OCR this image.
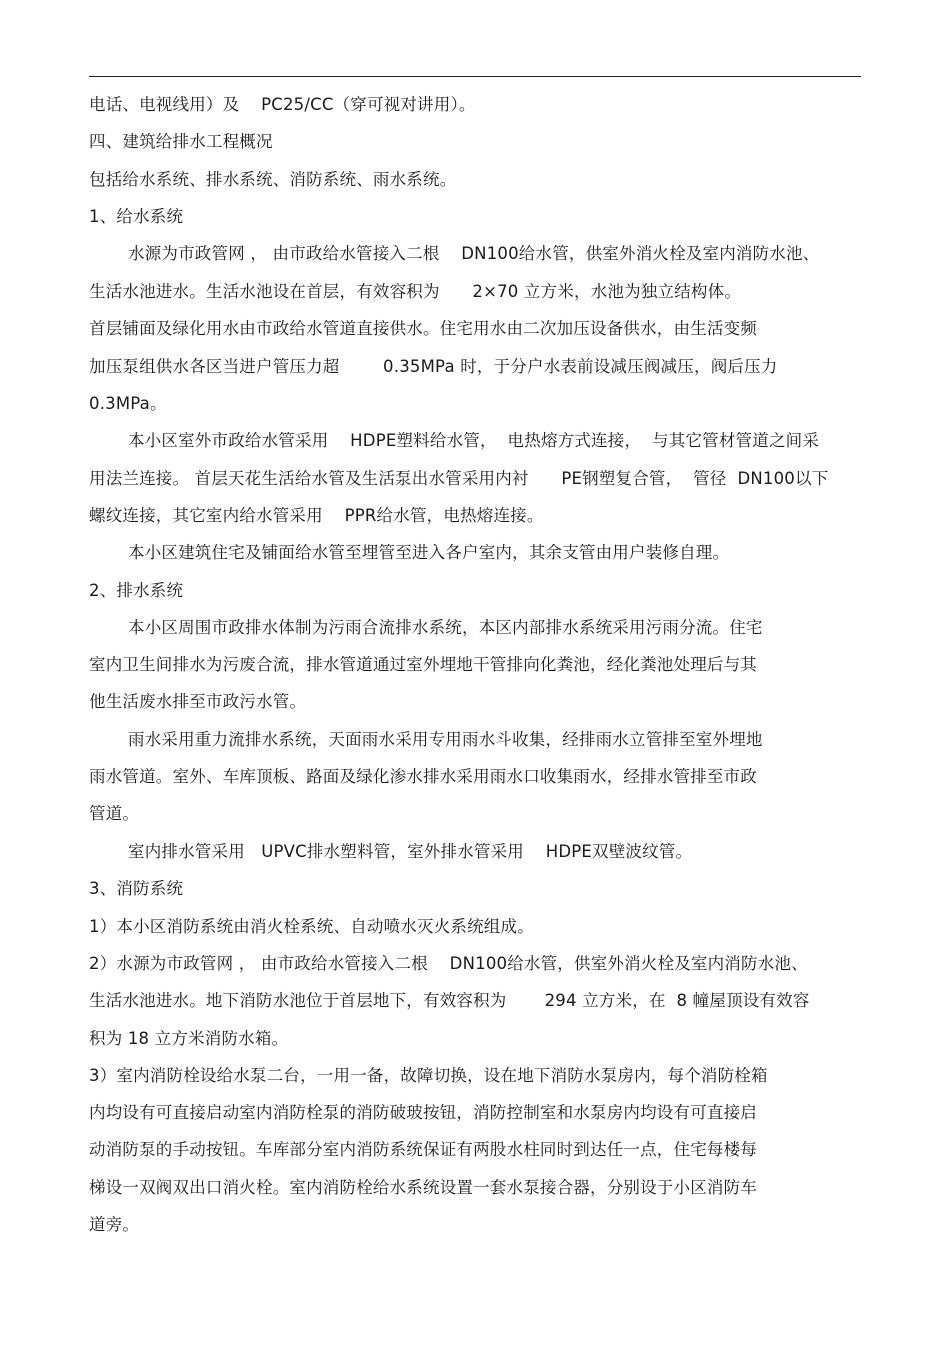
电话、电视线用）及    PC25/CC（穿可视对讲用）。
四、建筑给排水工程概况
包括给水系统、排水系统、消防系统、雨水系统。
1、给水系统
水源为市政管网 ， 由市政给水管接入二根    DN100给水管，供室外消火栓及室内消防水池、
生活水池进水。生活水池设在首层，有效容积为      2×70 立方米，水池为独立结构体。
首层铺面及绿化用水由市政给水管道直接供水。住宅用水由二次加压设备供水，由生活变频
加压泵组供水各区当进户管压力超        0.35MPa 时，于分户水表前设减压阀减压，阀后压力
0.3MPa。
本小区室外市政给水管采用    HDPE塑料给水管，  电热熔方式连接，  与其它管材管道之间采
用法兰连接。 首层天花生活给水管及生活泵出水管采用内衬      PE钢塑复合管，  管径  DN100以下
螺纹连接，其它室内给水管采用    PPR给水管，电热熔连接。
本小区建筑住宅及铺面给水管至埋管至进入各户室内，其余支管由用户装修自理。
2、排水系统
本小区周围市政排水体制为污雨合流排水系统，本区内部排水系统采用污雨分流。住宅
室内卫生间排水为污废合流，排水管道通过室外埋地干管排向化粪池，经化粪池处理后与其
他生活废水排至市政污水管。
雨水采用重力流排水系统，天面雨水采用专用雨水斗收集，经排雨水立管排至室外埋地
雨水管道。室外、车库顶板、路面及绿化渗水排水采用雨水口收集雨水，经排水管排至市政
管道。
室内排水管采用   UPVC排水塑料管，室外排水管采用    HDPE双壁波纹管。
3、消防系统
1）本小区消防系统由消火栓系统、自动喷水灭火系统组成。
2）水源为市政管网 ， 由市政给水管接入二根    DN100给水管，供室外消火栓及室内消防水池、
生活水池进水。地下消防水池位于首层地下，有效容积为       294 立方米，在  8 幢屋顶设有效容
积为 18 立方米消防水箱。
3）室内消防栓设给水泵二台，一用一备，故障切换，设在地下消防水泵房内，每个消防栓箱
内均设有可直接启动室内消防栓泵的消防破玻按钮，消防控制室和水泵房内均设有可直接启
动消防泵的手动按钮。车库部分室内消防系统保证有两股水柱同时到达任一点，住宅每楼每
梯设一双阀双出口消火栓。室内消防栓给水系统设置一套水泵接合器，分别设于小区消防车
道旁。
